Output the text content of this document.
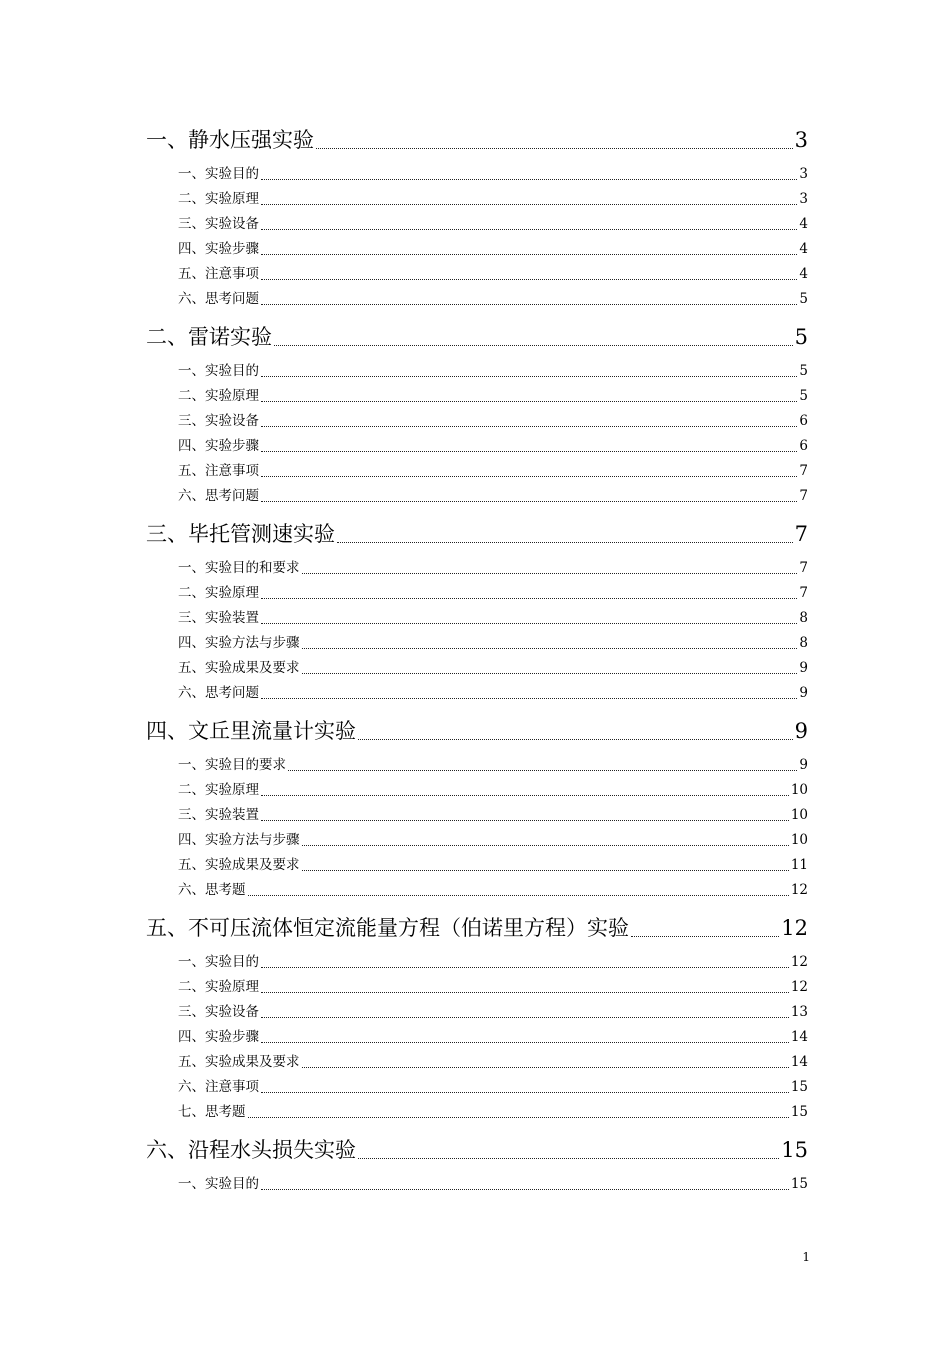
一、静水压强实验	3
一、实验目的	3
二、实验原理	3
三、实验设备	4
四、实验步骤	4
五、注意事项	4
六、思考问题	5
二、雷诺实验	5
一、实验目的	5
二、实验原理	5
三、实验设备	6
四、实验步骤	6
五、注意事项	7
六、思考问题	7
三、毕托管测速实验	7
一、实验目的和要求	7
二、实验原理	7
三、实验装置	8
四、实验方法与步骤	8
五、实验成果及要求	9
六、思考问题	9
四、文丘里流量计实验	9
一、实验目的要求	9
二、实验原理	10
三、实验装置	10
四、实验方法与步骤	10
五、实验成果及要求	11
六、思考题	12
五、不可压流体恒定流能量方程（伯诺里方程）实验	12
一、实验目的	12
二、实验原理	12
三、实验设备	13
四、实验步骤	14
五、实验成果及要求	14
六、注意事项	15
七、思考题	15
六、沿程水头损失实验	15
一、实验目的	15
1
